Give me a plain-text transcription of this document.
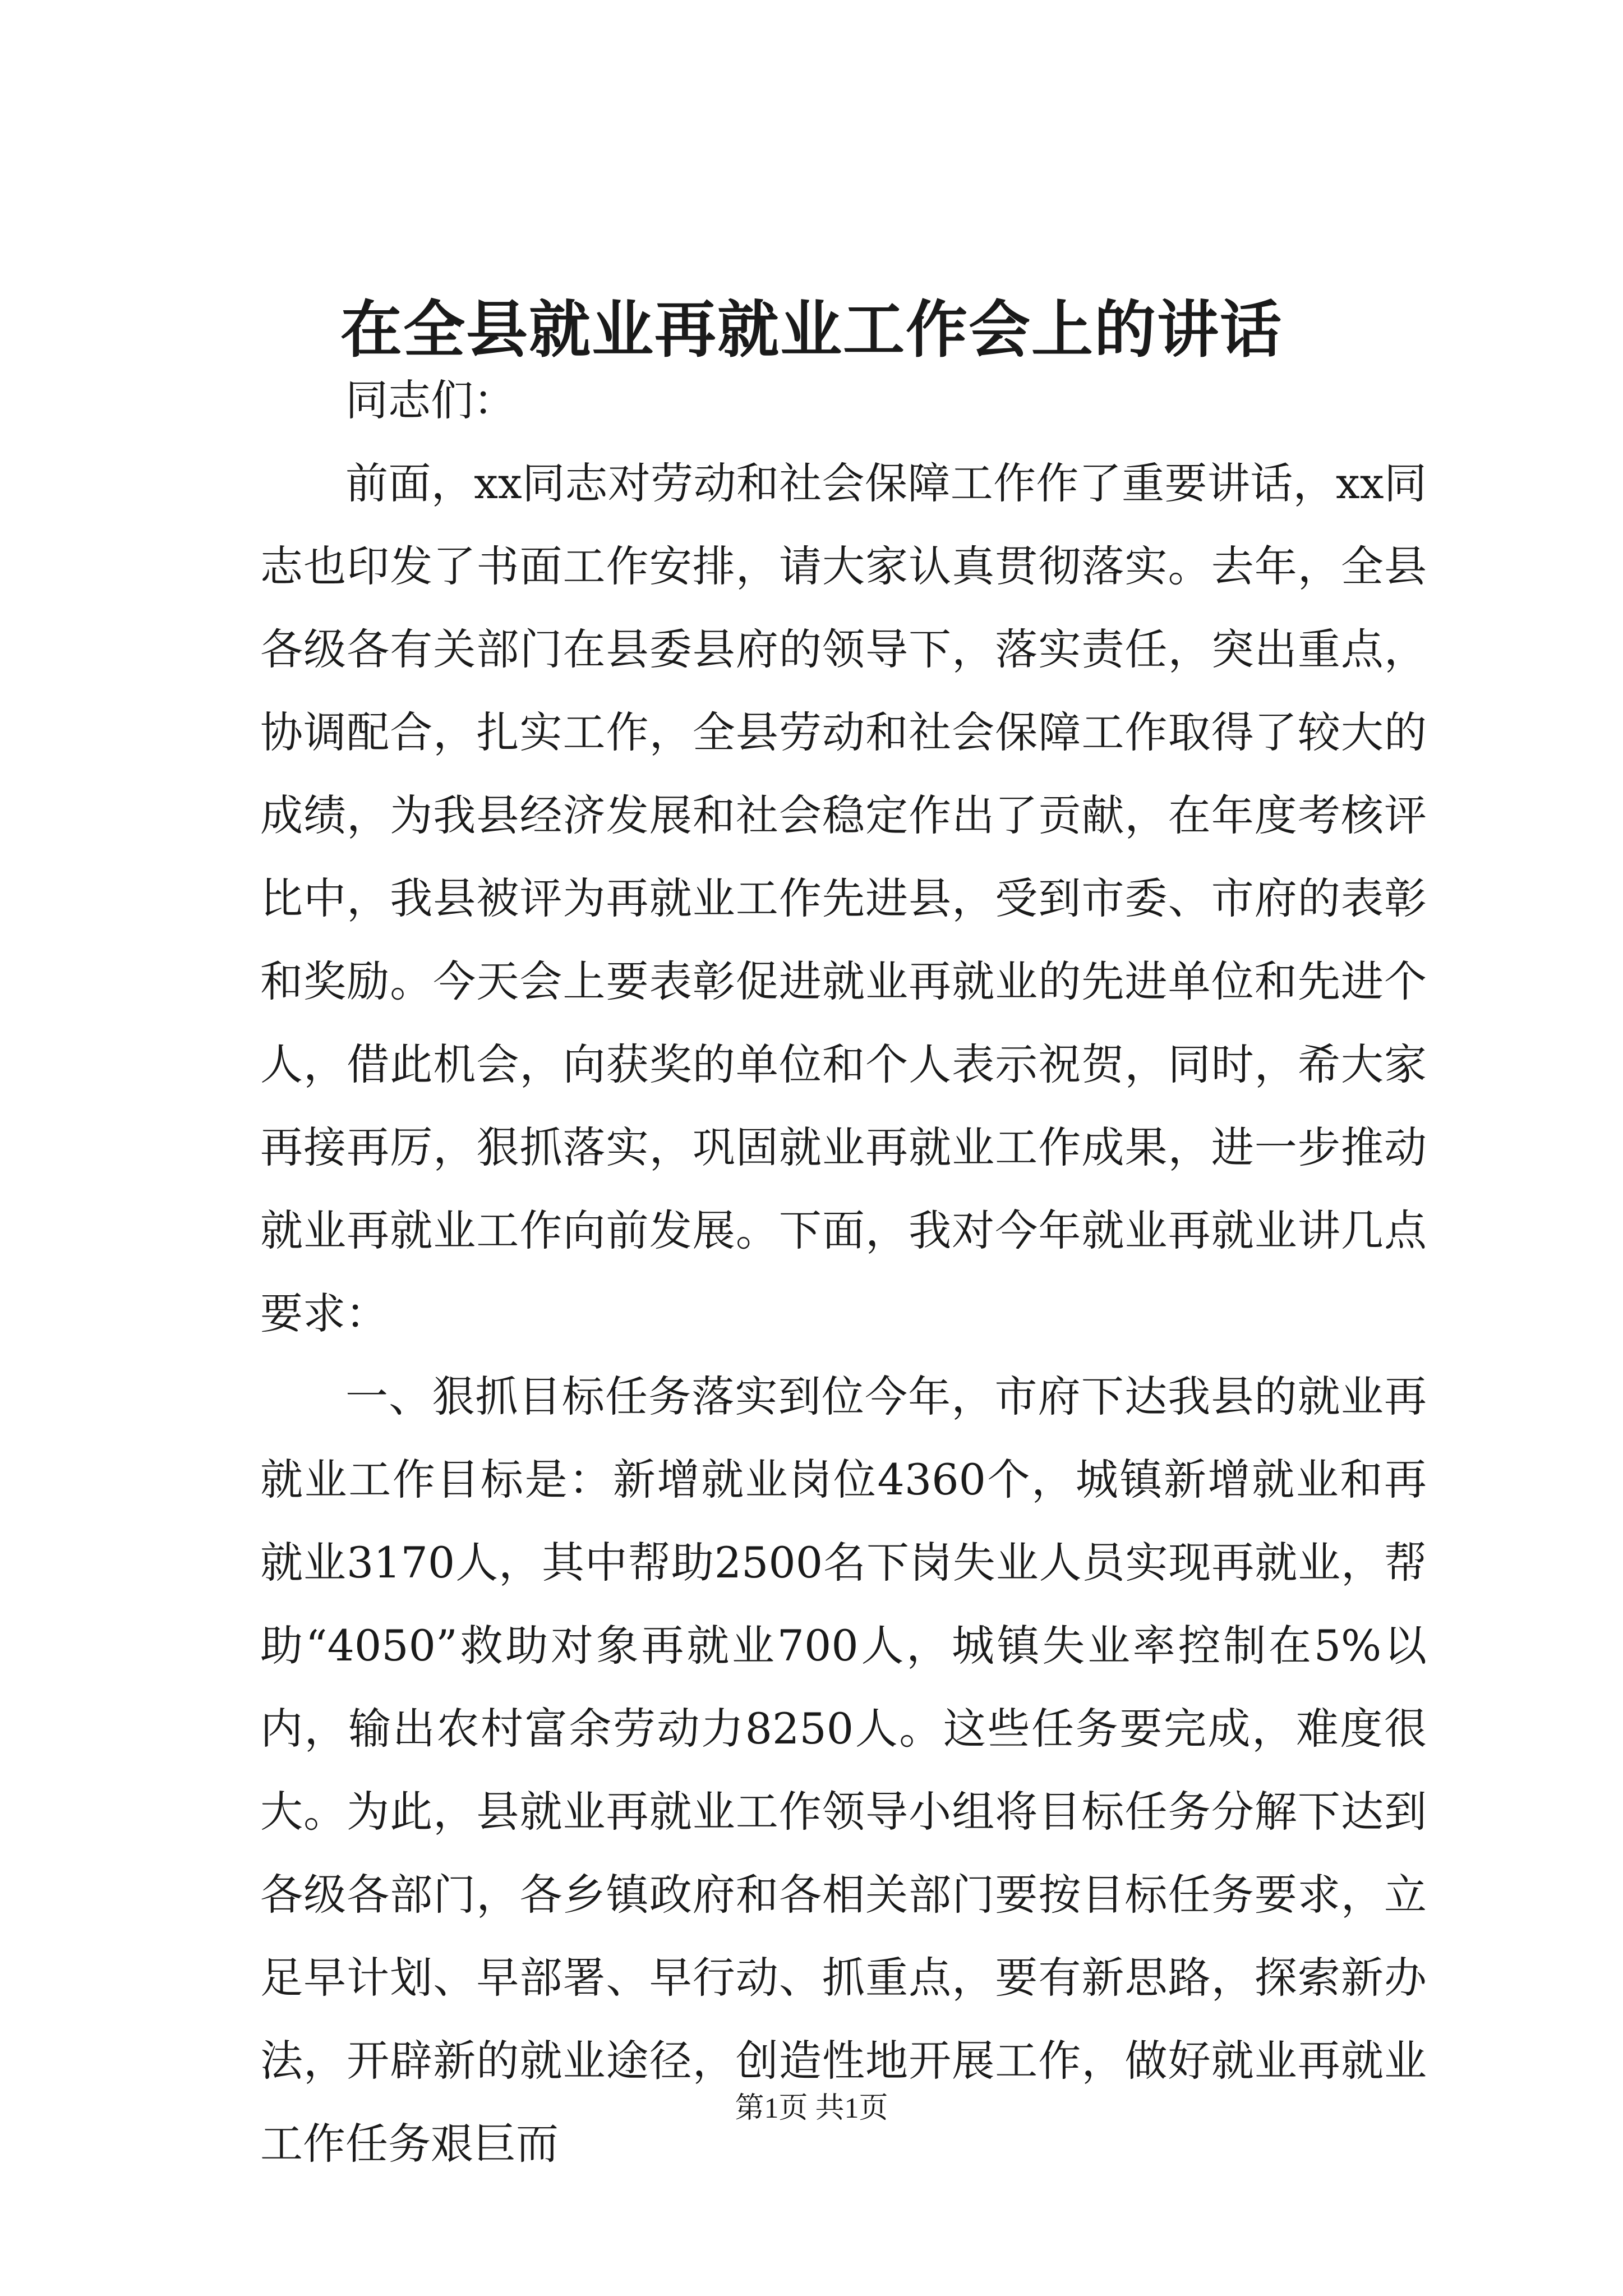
在全县就业再就业工作会上的讲话

同志们：

前面，xx同志对劳动和社会保障工作作了重要讲话，xx同志也印发了书面工作安排，请大家认真贯彻落实。去年，全县各级各有关部门在县委县府的领导下，落实责任，突出重点，协调配合，扎实工作，全县劳动和社会保障工作取得了较大的成绩，为我县经济发展和社会稳定作出了贡献，在年度考核评比中，我县被评为再就业工作先进县，受到市委、市府的表彰和奖励。今天会上要表彰促进就业再就业的先进单位和先进个人，借此机会，向获奖的单位和个人表示祝贺，同时，希大家再接再厉，狠抓落实，巩固就业再就业工作成果，进一步推动就业再就业工作向前发展。下面，我对今年就业再就业讲几点要求：

一、狠抓目标任务落实到位今年，市府下达我县的就业再就业工作目标是：新增就业岗位4360个，城镇新增就业和再就业3170人，其中帮助2500名下岗失业人员实现再就业，帮助“4050”救助对象再就业700人，城镇失业率控制在5%以内，输出农村富余劳动力8250人。这些任务要完成，难度很大。为此，县就业再就业工作领导小组将目标任务分解下达到各级各部门，各乡镇政府和各相关部门要按目标任务要求，立足早计划、早部署、早行动、抓重点，要有新思路，探索新办法，开辟新的就业途径，创造性地开展工作，做好就业再就业工作任务艰巨而

第1页 共1页
